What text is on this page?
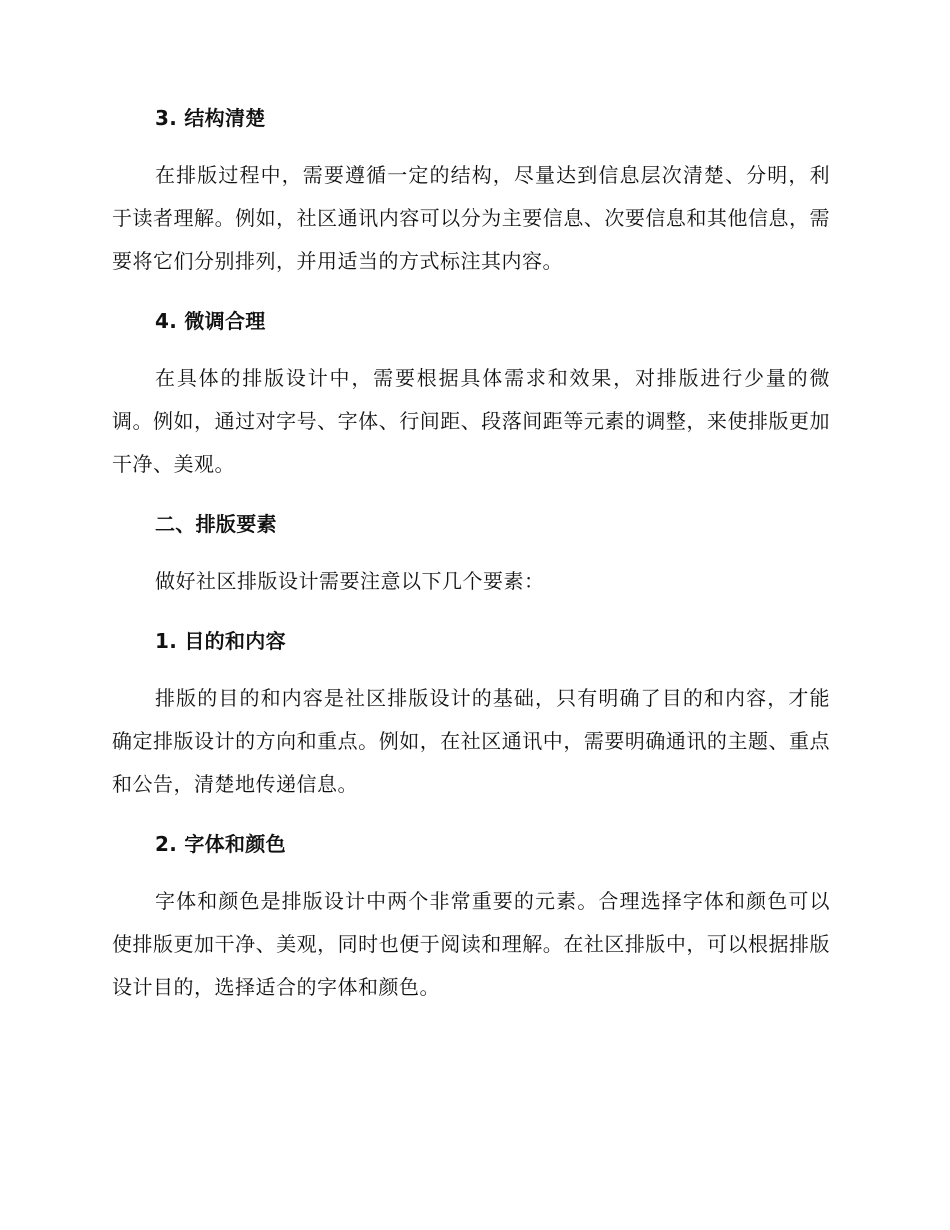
3. 结构清楚

在排版过程中，需要遵循一定的结构，尽量达到信息层次清楚、分明，利于读者理解。例如，社区通讯内容可以分为主要信息、次要信息和其他信息，需要将它们分别排列，并用适当的方式标注其内容。

4. 微调合理

在具体的排版设计中，需要根据具体需求和效果，对排版进行少量的微调。例如，通过对字号、字体、行间距、段落间距等元素的调整，来使排版更加干净、美观。

二、排版要素

做好社区排版设计需要注意以下几个要素：

1. 目的和内容

排版的目的和内容是社区排版设计的基础，只有明确了目的和内容，才能确定排版设计的方向和重点。例如，在社区通讯中，需要明确通讯的主题、重点和公告，清楚地传递信息。

2. 字体和颜色

字体和颜色是排版设计中两个非常重要的元素。合理选择字体和颜色可以使排版更加干净、美观，同时也便于阅读和理解。在社区排版中，可以根据排版设计目的，选择适合的字体和颜色。
